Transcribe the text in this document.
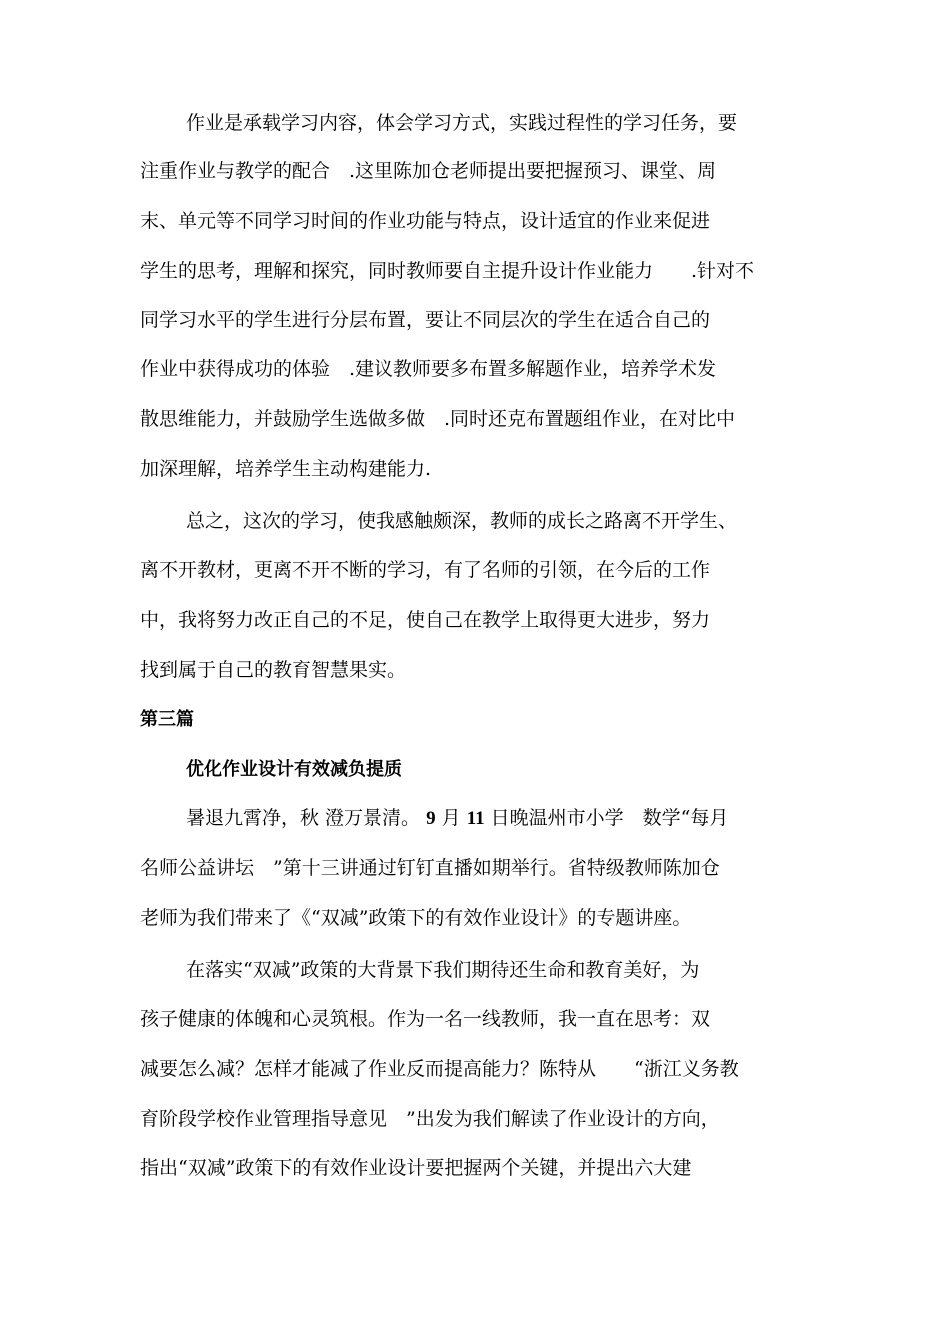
作业是承载学习内容，体会学习方式，实践过程性的学习任务，要
注重作业与教学的配合　.这里陈加仓老师提出要把握预习、课堂、周
末、单元等不同学习时间的作业功能与特点，设计适宜的作业来促进
学生的思考，理解和探究，同时教师要自主提升设计作业能力　　.针对不
同学习水平的学生进行分层布置，要让不同层次的学生在适合自己的
作业中获得成功的体验　.建议教师要多布置多解题作业，培养学术发
散思维能力，并鼓励学生选做多做　.同时还克布置题组作业，在对比中
加深理解，培养学生主动构建能力.
总之，这次的学习，使我感触颇深，教师的成长之路离不开学生、
离不开教材，更离不开不断的学习，有了名师的引领，在今后的工作
中，我将努力改正自己的不足，使自己在教学上取得更大进步，努力
找到属于自己的教育智慧果实。
第三篇
优化作业设计有效减负提质
暑退九霄净，秋 澄万景清。 9 月 11 日晚温州市小学　数学“每月
名师公益讲坛　”第十三讲通过钉钉直播如期举行。省特级教师陈加仓
老师为我们带来了《“双减”政策下的有效作业设计》的专题讲座。
在落实“双减”政策的大背景下我们期待还生命和教育美好，为
孩子健康的体魄和心灵筑根。作为一名一线教师，我一直在思考：双
减要怎么减？怎样才能减了作业反而提高能力？陈特从　　“浙江义务教
育阶段学校作业管理指导意见　”出发为我们解读了作业设计的方向，
指出“双减”政策下的有效作业设计要把握两个关键，并提出六大建
